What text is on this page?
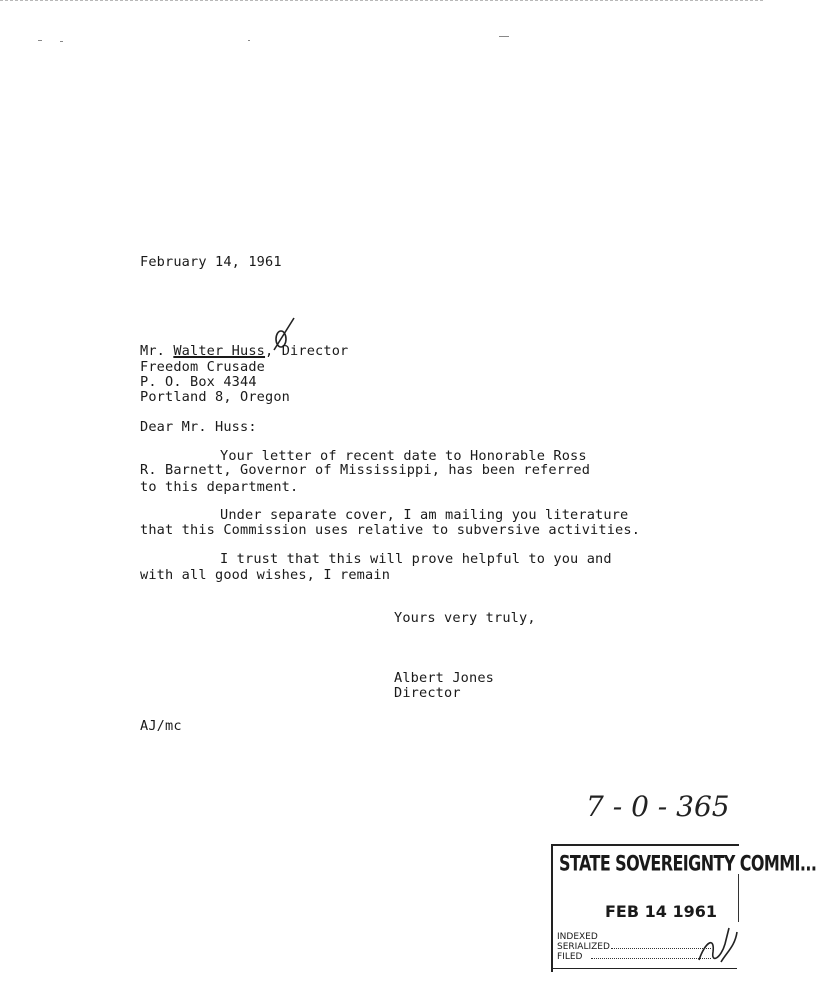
February 14, 1961

Mr. Walter Huss, Director

Freedom Crusade

P. O. Box 4344

Portland 8, Oregon

Dear Mr. Huss:

Your letter of recent date to Honorable Ross

R. Barnett, Governor of Mississippi, has been referred

to this department.

Under separate cover, I am mailing you literature

that this Commission uses relative to subversive activities.

I trust that this will prove helpful to you and

with all good wishes, I remain

Yours very truly,

Albert Jones

Director

AJ/mc

7 - 0 - 365
STATE SOVEREIGNTY COMMI...
FEB 14 1961
INDEXED
SERIALIZED
FILED
